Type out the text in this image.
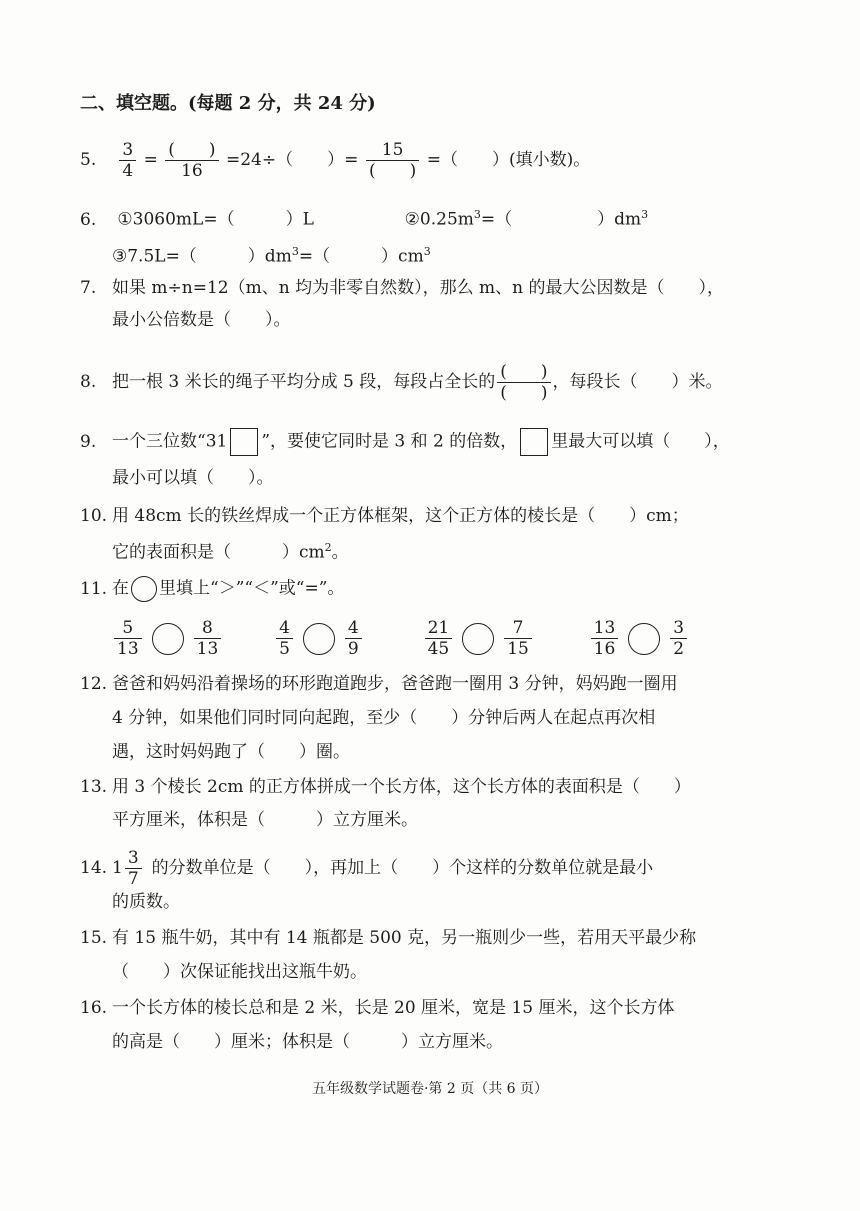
二、填空题。(每题 2 分，共 24 分)
5. $\frac{3}{4} = \frac{( )}{16} =24\div$（　　）= $\frac{15}{( )}$ =（　　）(填小数)。
6. ①3060mL=（　　　）L	$②0.25m^3=$（　　　　　）$dm^3$
③7.5L=（　　　）$dm^3=$（　　　）$cm^3$
7. 如果 m÷n=12（m、n 均为非零自然数），那么 m、n 的最大公因数是（　　），
最小公倍数是（　　）。
8. 把一根 3 米长的绳子平均分成 5 段，每段占全长的 $\frac{( )}{( )}$ ，每段长（　　）米。
9. 一个三位数“31 ”，要使它同时是 3 和 2 的倍数， 里最大可以填（　　），
最小可以填（　　）。
10. 用 48cm 长的铁丝焊成一个正方体框架，这个正方体的棱长是（　　）cm；
它的表面积是（　　　）$cm^2$。
11. 在 里填上“＞”“＜”或“=”。
$\frac{5}{13}$	$\frac{8}{13}$
	$\frac{4}{5}$	$\frac{4}{9}$
	$\frac{21}{45}$	$\frac{7}{15}$
	$\frac{13}{16}$	$\frac{3}{2}$
12. 爸爸和妈妈沿着操场的环形跑道跑步，爸爸跑一圈用 3 分钟，妈妈跑一圈用
4 分钟，如果他们同时同向起跑，至少（　　）分钟后两人在起点再次相
遇，这时妈妈跑了（　　）圈。
13. 用 3 个棱长 2cm 的正方体拼成一个长方体，这个长方体的表面积是（　　）
平方厘米，体积是（　　　）立方厘米。
14. $1 \frac{3}{7}$ 的分数单位是（　　），再加上（　　）个这样的分数单位就是最小
的质数。
15. 有 15 瓶牛奶，其中有 14 瓶都是 500 克，另一瓶则少一些，若用天平最少称
（　　）次保证能找出这瓶牛奶。
16. 一个长方体的棱长总和是 2 米，长是 20 厘米，宽是 15 厘米，这个长方体
的高是（　　）厘米；体积是（　　　）立方厘米。
五年级数学试题卷·第 2 页（共 6 页）
